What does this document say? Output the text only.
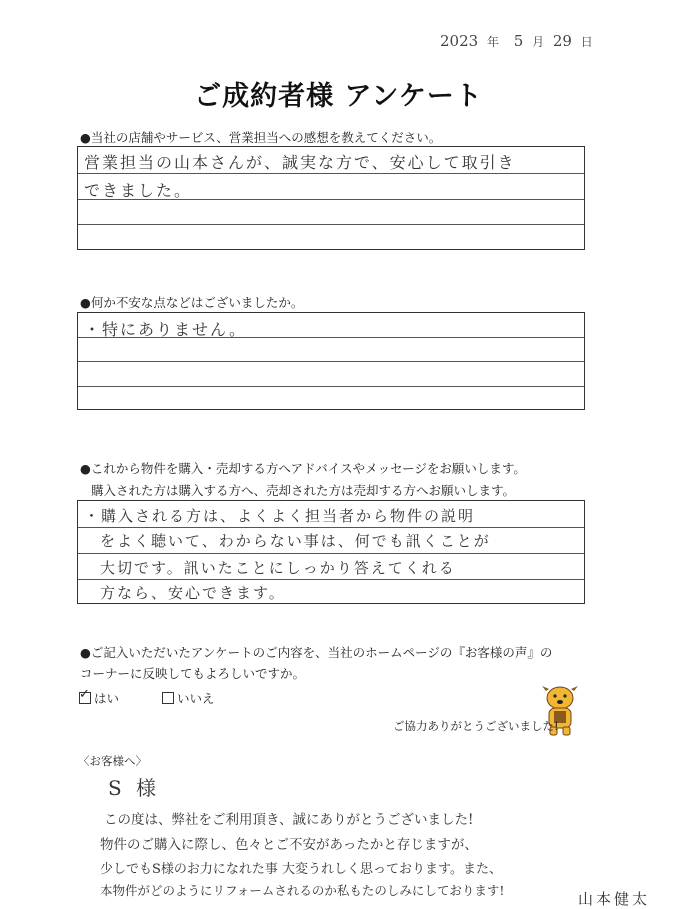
2023 年 5 月 29 日
ご成約者様 アンケート
●当社の店舗やサービス、営業担当への感想を教えてください。
営業担当の山本さんが、誠実な方で、安心して取引き
できました。
●何か不安な点などはございましたか。
・特にありません。
●これから物件を購入・売却する方へアドバイスやメッセージをお願いします。
購入された方は購入する方へ、売却された方は売却する方へお願いします。
・購入される方は、よくよく担当者から物件の説明
をよく聴いて、わからない事は、何でも訊くことが
大切です。訊いたことにしっかり答えてくれる
方なら、安心できます。
●ご記入いただいたアンケートのご内容を、当社のホームページの『お客様の声』の
コーナーに反映してもよろしいですか。
✓はい	いいえ
ご協力ありがとうございました!
〈お客様へ〉
S 様
この度は、弊社をご利用頂き、誠にありがとうございました!
物件のご購入に際し、色々とご不安があったかと存じますが、
少しでもS様のお力になれた事 大変うれしく思っております。また、
本物件がどのようにリフォームされるのか私もたのしみにしております!	山本健太
